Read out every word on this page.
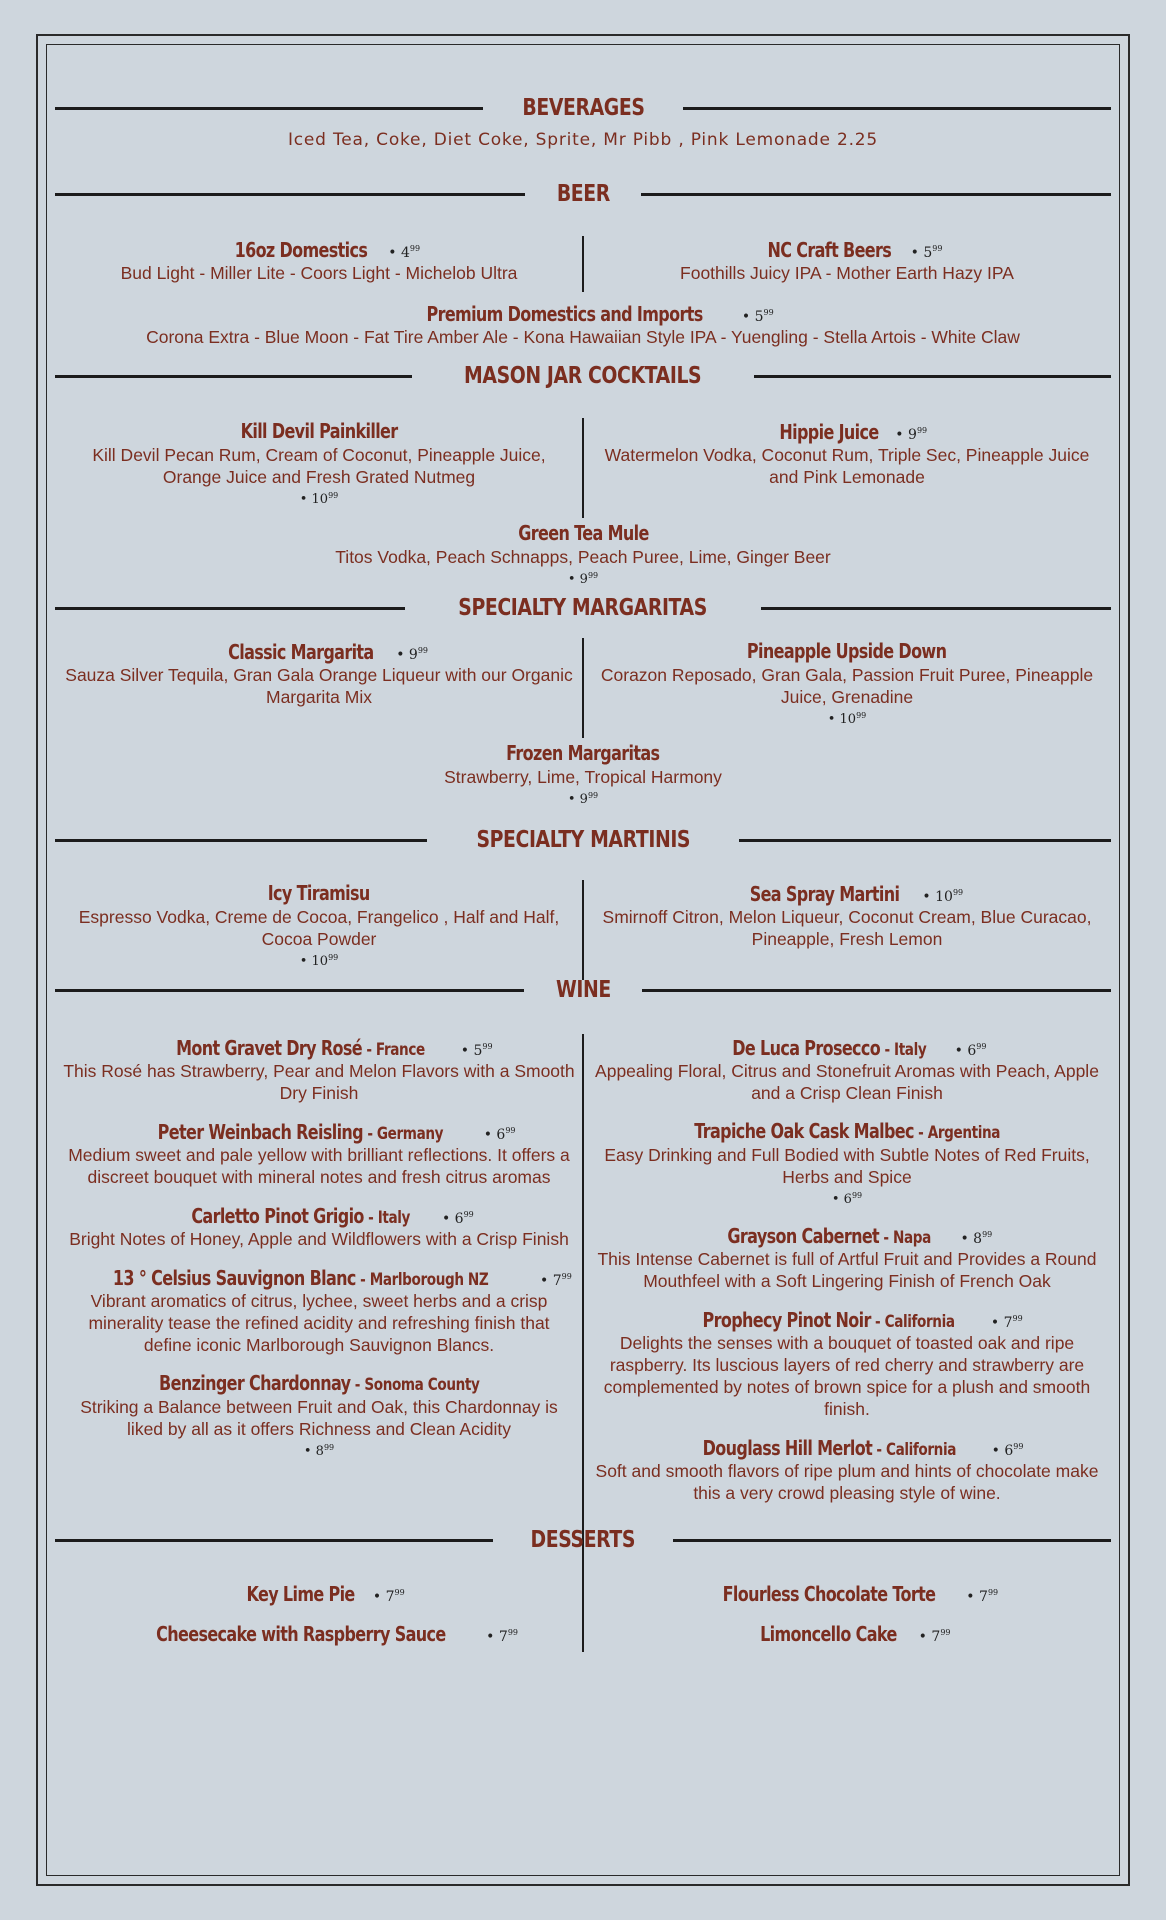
BEVERAGES
Iced Tea, Coke, Diet Coke, Sprite, Mr Pibb , Pink Lemonade 2.25
BEER
16oz Domestics • $4^{99}$
Bud Light - Miller Lite - Coors Light - Michelob Ultra
NC Craft Beers • $5^{99}$
Foothills Juicy IPA - Mother Earth Hazy IPA
Premium Domestics and Imports	• $5^{99}$
Corona Extra - Blue Moon - Fat Tire Amber Ale - Kona Hawaiian Style IPA - Yuengling - Stella Artois - White Claw
MASON JAR COCKTAILS
Kill Devil Painkiller
Kill Devil Pecan Rum, Cream of Coconut, Pineapple Juice, Orange Juice and Fresh Grated Nutmeg
• $10^{99}$
Hippie Juice • $9^{99}$
Watermelon Vodka, Coconut Rum, Triple Sec, Pineapple Juice and Pink Lemonade
Green Tea Mule
Titos Vodka, Peach Schnapps, Peach Puree, Lime, Ginger Beer
• $9^{99}$
SPECIALTY MARGARITAS
Classic Margarita • $9^{99}$
Sauza Silver Tequila, Gran Gala Orange Liqueur with our Organic Margarita Mix
Pineapple Upside Down
Corazon Reposado, Gran Gala, Passion Fruit Puree, Pineapple Juice, Grenadine
• $10^{99}$
Frozen Margaritas
Strawberry, Lime, Tropical Harmony
• $9^{99}$
SPECIALTY MARTINIS
Icy Tiramisu
Espresso Vodka, Creme de Cocoa, Frangelico , Half and Half, Cocoa Powder
• $10^{99}$
Sea Spray Martini • $10^{99}$
Smirnoff Citron, Melon Liqueur, Coconut Cream, Blue Curacao, Pineapple, Fresh Lemon
WINE
Mont Gravet Dry Rosé - France • $5^{99}$
This Rosé has Strawberry, Pear and Melon Flavors with a Smooth Dry Finish
Peter Weinbach Reisling - Germany	• $6^{99}$
Medium sweet and pale yellow with brilliant reflections. It offers a discreet bouquet with mineral notes and fresh citrus aromas
Carletto Pinot Grigio - Italy • $6^{99}$
Bright Notes of Honey, Apple and Wildflowers with a Crisp Finish
13 ° Celsius Sauvignon Blanc - Marlborough NZ	• $7^{99}$
Vibrant aromatics of citrus, lychee, sweet herbs and a crisp minerality tease the refined acidity and refreshing finish that define iconic Marlborough Sauvignon Blancs.
Benzinger Chardonnay - Sonoma County
Striking a Balance between Fruit and Oak, this Chardonnay is liked by all as it offers Richness and Clean Acidity
• $8^{99}$
De Luca Prosecco - Italy • $6^{99}$
Appealing Floral, Citrus and Stonefruit Aromas with Peach, Apple and a Crisp Clean Finish
Trapiche Oak Cask Malbec - Argentina
Easy Drinking and Full Bodied with Subtle Notes of Red Fruits, Herbs and Spice
• $6^{99}$
Grayson Cabernet - Napa • $8^{99}$
This Intense Cabernet is full of Artful Fruit and Provides a Round Mouthfeel with a Soft Lingering Finish of French Oak
Prophecy Pinot Noir - California • $7^{99}$
Delights the senses with a bouquet of toasted oak and ripe raspberry. Its luscious layers of red cherry and strawberry are complemented by notes of brown spice for a plush and smooth finish.
Douglass Hill Merlot - California • $6^{99}$
Soft and smooth flavors of ripe plum and hints of chocolate make this a very crowd pleasing style of wine.
DESSERTS
Key Lime Pie • $7^{99}$
Cheesecake with Raspberry Sauce	• $7^{99}$
Flourless Chocolate Torte • $7^{99}$
Limoncello Cake • $7^{99}$
